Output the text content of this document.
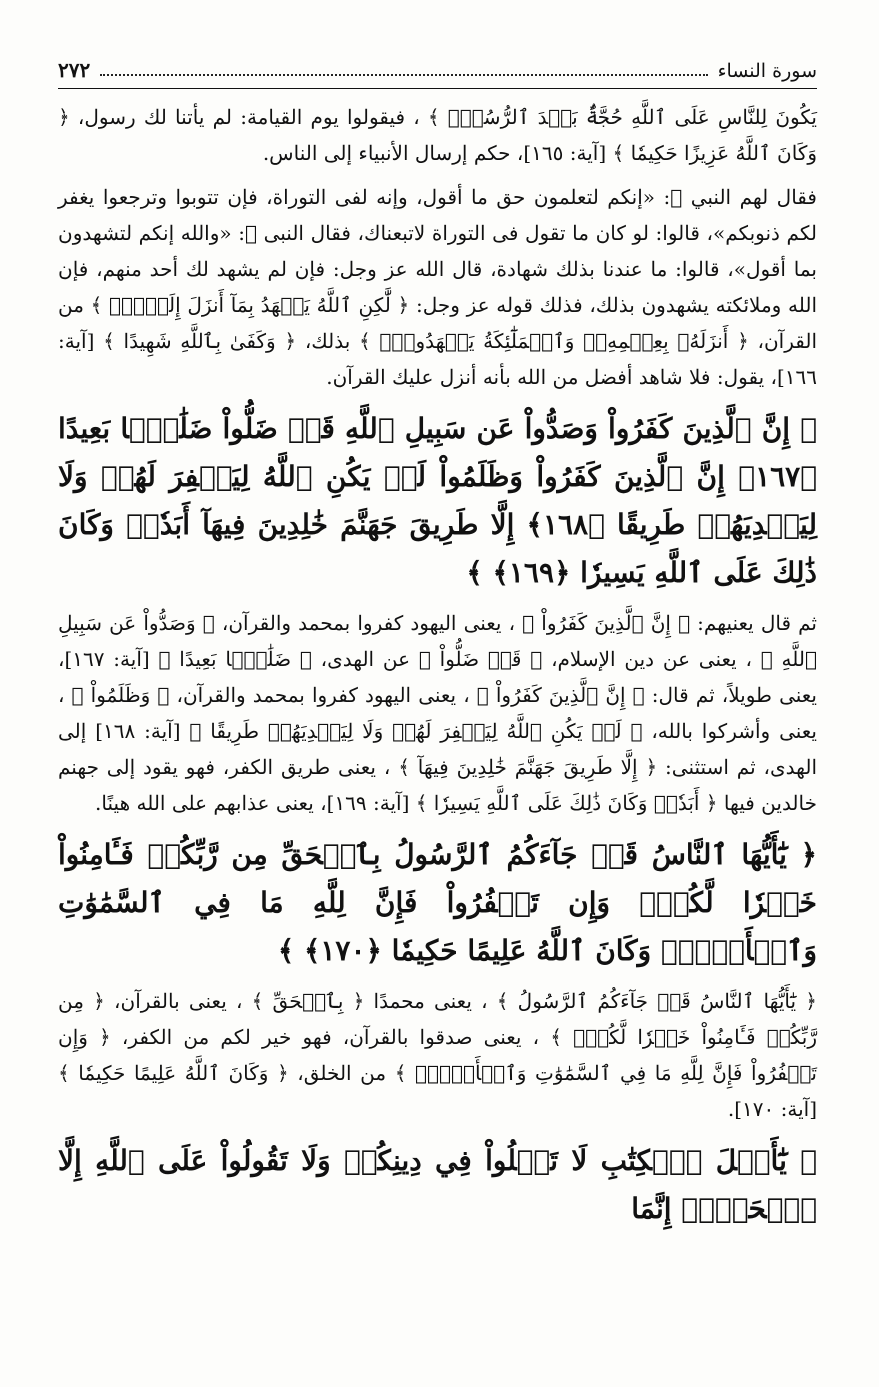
سورة النساء
٢٧٢

يَكُونَ لِلنَّاسِ عَلَى ٱللَّهِ حُجَّةٌۢ بَعۡدَ ٱلرُّسُلِۚ ﴾ ، فيقولوا يوم القيامة: لم يأتنا لك رسول، ﴿ وَكَانَ ٱللَّهُ عَزِيزًا حَكِيمٗا ﴾ [آية: ١٦٥]، حكم إرسال الأنبياء إلى الناس.

فقال لهم النبي ﷺ: «إنكم لتعلمون حق ما أقول، وإنه لفى التوراة، فإن تتوبوا وترجعوا يغفر لكم ذنوبكم»، قالوا: لو كان ما تقول فى التوراة لاتبعناك، فقال النبى ﷺ: «والله إنكم لتشهدون بما أقول»، قالوا: ما عندنا بذلك شهادة، قال الله عز وجل: فإن لم يشهد لك أحد منهم، فإن الله وملائكته يشهدون بذلك، فذلك قوله عز وجل: ﴿ لَّٰكِنِ ٱللَّهُ يَشۡهَدُ بِمَآ أَنزَلَ إِلَيۡكَۖ ﴾ من القرآن، ﴿ أَنزَلَهُۥ بِعِلۡمِهِۦۖ وَٱلۡمَلَٰٓئِكَةُ يَشۡهَدُونَۚ ﴾ بذلك، ﴿ وَكَفَىٰ بِٱللَّهِ شَهِيدًا ﴾ [آية: ١٦٦]، يقول: فلا شاهد أفضل من الله بأنه أنزل عليك القرآن.

﴿ إِنَّ ٱلَّذِينَ كَفَرُواْ وَصَدُّواْ عَن سَبِيلِ ٱللَّهِ قَدۡ ضَلُّواْ ضَلَٰلَۢا بَعِيدًا ﴿١٦٧﴾ إِنَّ ٱلَّذِينَ كَفَرُواْ وَظَلَمُواْ لَمۡ يَكُنِ ٱللَّهُ لِيَغۡفِرَ لَهُمۡ وَلَا لِيَهۡدِيَهُمۡ طَرِيقًا ﴿١٦٨﴾ إِلَّا طَرِيقَ جَهَنَّمَ خَٰلِدِينَ فِيهَآ أَبَدٗاۚ وَكَانَ ذَٰلِكَ عَلَى ٱللَّهِ يَسِيرٗا ﴿١٦٩﴾ ﴾

ثم قال يعنيهم: ﴿ إِنَّ ٱلَّذِينَ كَفَرُواْ ﴾ ، يعنى اليهود كفروا بمحمد والقرآن، ﴿ وَصَدُّواْ عَن سَبِيلِ ٱللَّهِ ﴾ ، يعنى عن دين الإسلام، ﴿ قَدۡ ضَلُّواْ ﴾ عن الهدى، ﴿ ضَلَٰلَۢا بَعِيدًا ﴾ [آية: ١٦٧]، يعنى طويلاً، ثم قال: ﴿ إِنَّ ٱلَّذِينَ كَفَرُواْ ﴾ ، يعنى اليهود كفروا بمحمد والقرآن، ﴿ وَظَلَمُواْ ﴾ ، يعنى وأشركوا بالله، ﴿ لَمۡ يَكُنِ ٱللَّهُ لِيَغۡفِرَ لَهُمۡ وَلَا لِيَهۡدِيَهُمۡ طَرِيقًا ﴾ [آية: ١٦٨] إلى الهدى، ثم استثنى: ﴿ إِلَّا طَرِيقَ جَهَنَّمَ خَٰلِدِينَ فِيهَآ ﴾ ، يعنى طريق الكفر، فهو يقود إلى جهنم خالدين فيها ﴿ أَبَدٗاۚ وَكَانَ ذَٰلِكَ عَلَى ٱللَّهِ يَسِيرٗا ﴾ [آية: ١٦٩]، يعنى عذابهم على الله هينًا.

﴿ يَٰٓأَيُّهَا ٱلنَّاسُ قَدۡ جَآءَكُمُ ٱلرَّسُولُ بِٱلۡحَقِّ مِن رَّبِّكُمۡ فَـَٔامِنُواْ خَيۡرٗا لَّكُمۡۚ وَإِن تَكۡفُرُواْ فَإِنَّ لِلَّهِ مَا فِي ٱلسَّمَٰوَٰتِ وَٱلۡأَرۡضِۚ وَكَانَ ٱللَّهُ عَلِيمًا حَكِيمٗا ﴿١٧٠﴾ ﴾

﴿ يَٰٓأَيُّهَا ٱلنَّاسُ قَدۡ جَآءَكُمُ ٱلرَّسُولُ ﴾ ، يعنى محمدًا ﴿ بِٱلۡحَقِّ ﴾ ، يعنى بالقرآن، ﴿ مِن رَّبِّكُمۡ فَـَٔامِنُواْ خَيۡرٗا لَّكُمۡۚ ﴾ ، يعنى صدقوا بالقرآن، فهو خير لكم من الكفر، ﴿ وَإِن تَكۡفُرُواْ فَإِنَّ لِلَّهِ مَا فِي ٱلسَّمَٰوَٰتِ وَٱلۡأَرۡضِۚ ﴾ من الخلق، ﴿ وَكَانَ ٱللَّهُ عَلِيمًا حَكِيمٗا ﴾ [آية: ١٧٠].

﴿ يَٰٓأَهۡلَ ٱلۡكِتَٰبِ لَا تَغۡلُواْ فِي دِينِكُمۡ وَلَا تَقُولُواْ عَلَى ٱللَّهِ إِلَّا ٱلۡحَقَّۚ إِنَّمَا
